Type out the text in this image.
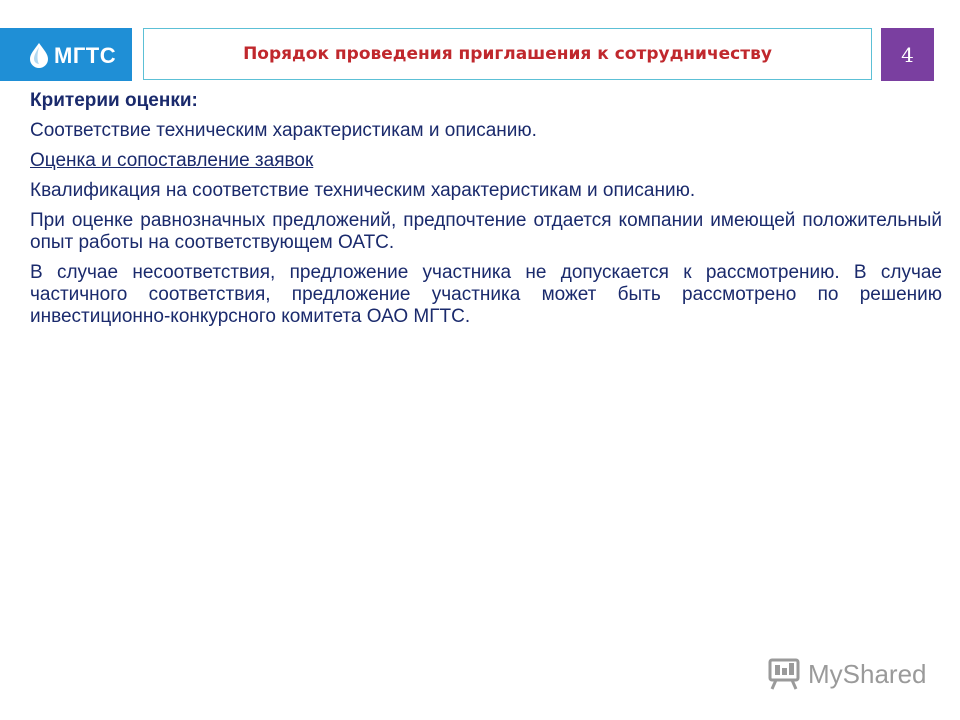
МГТС	Порядок проведения приглашения к сотрудничеству	4

Критерии оценки:

Соответствие техническим характеристикам и описанию.

Оценка и сопоставление заявок

Квалификация на соответствие техническим характеристикам и описанию.

При оценке равнозначных предложений, предпочтение отдается компании имеющей положительный опыт работы на соответствующем ОАТС.

В случае несоответствия, предложение участника не допускается к рассмотрению. В случае частичного соответствия, предложение участника может быть рассмотрено по решению инвестиционно-конкурсного комитета ОАО МГТС.

MyShared
